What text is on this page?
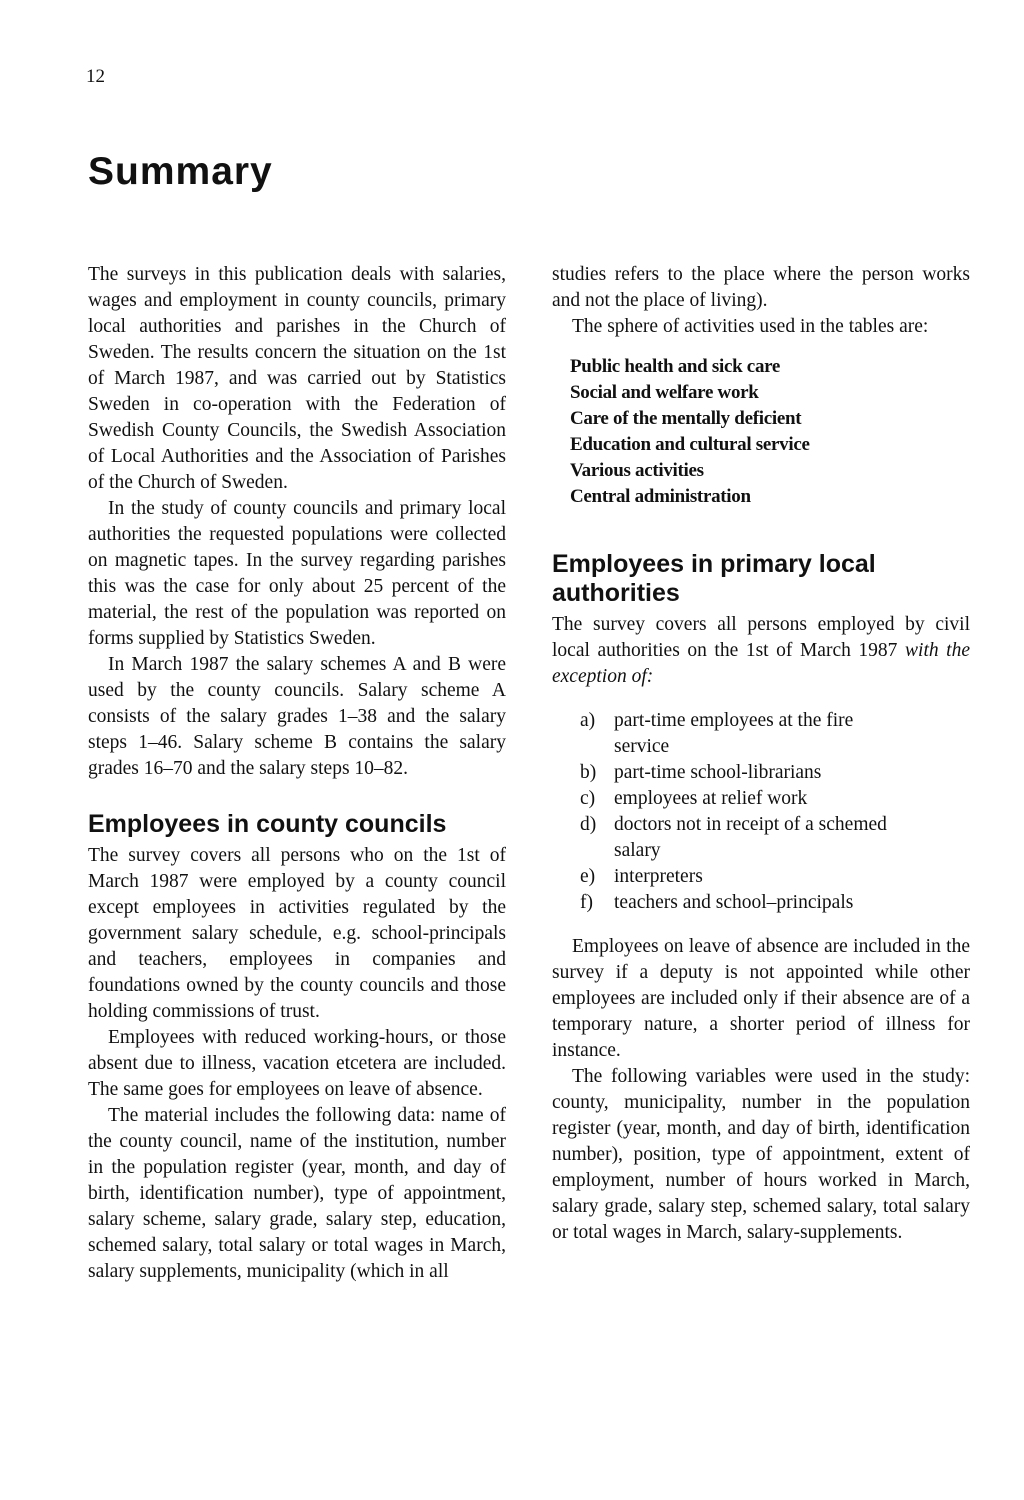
12
Summary

The surveys in this publication deals with salaries, wages and employment in county councils, primary local authorities and parishes in the Church of Sweden. The results concern the situation on the 1st of March 1987, and was carried out by Statistics Sweden in co-operation with the Federation of Swedish County Councils, the Swedish Association of Local Authorities and the Association of Parishes of the Church of Sweden.

In the study of county councils and primary local authorities the requested populations were collected on magnetic tapes. In the survey regarding parishes this was the case for only about 25 percent of the material, the rest of the population was reported on forms supplied by Statistics Sweden.

In March 1987 the salary schemes A and B were used by the county councils. Salary scheme A consists of the salary grades 1–38 and the salary steps 1–46. Salary scheme B contains the salary grades 16–70 and the salary steps 10–82.

Employees in county councils

The survey covers all persons who on the 1st of March 1987 were employed by a county council except employees in activities regulated by the government salary schedule, e.g. school-principals and teachers, employees in companies and foundations owned by the county councils and those holding commissions of trust.

Employees with reduced working-hours, or those absent due to illness, vacation etcetera are included. The same goes for employees on leave of absence.

The material includes the following data: name of the county council, name of the institution, number in the population register (year, month, and day of birth, identification number), type of appointment, salary scheme, salary grade, salary step, education, schemed salary, total salary or total wages in March, salary supplements, municipality (which in all

studies refers to the place where the person works and not the place of living).

The sphere of activities used in the tables are:

Public health and sick care
Social and welfare work
Care of the mentally deficient
Education and cultural service
Various activities
Central administration
Employees in primary local authorities

The survey covers all persons employed by civil local authorities on the 1st of March 1987 with the exception of:

a) part-time employees at the fire service
b) part-time school-librarians
c) employees at relief work
d) doctors not in receipt of a schemed salary
e) interpreters
f)	teachers and school–principals

Employees on leave of absence are included in the survey if a deputy is not appointed while other employees are included only if their absence are of a temporary nature, a shorter period of illness for instance.

The following variables were used in the study: county, municipality, number in the population register (year, month, and day of birth, identification number), position, type of appointment, extent of employment, number of hours worked in March, salary grade, salary step, schemed salary, total salary or total wages in March, salary-supplements.
